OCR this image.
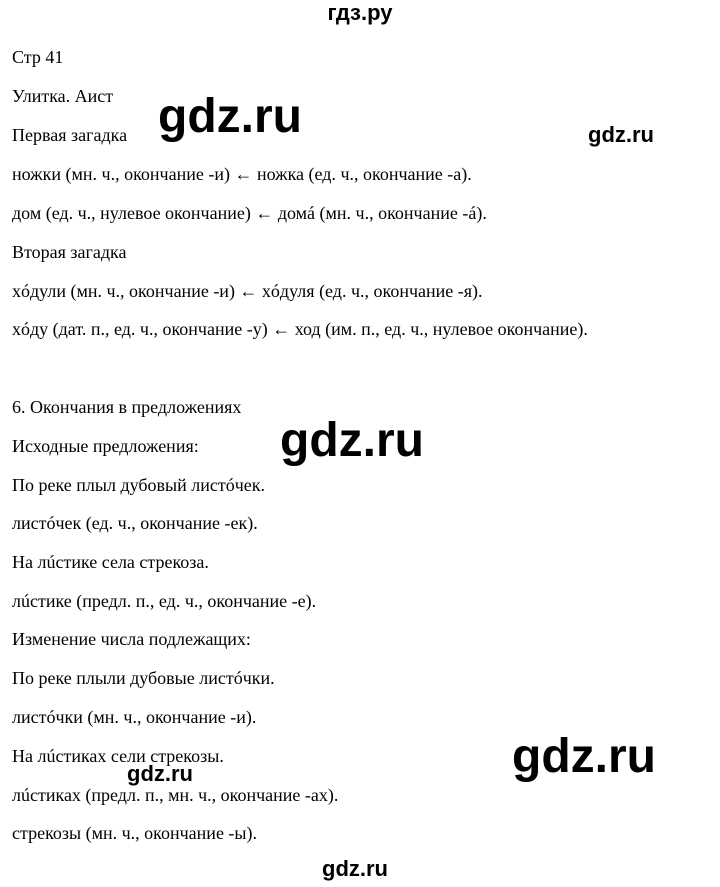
гдз.ру
Стр 41
Улитка. Аист
Первая загадка
ножки (мн. ч., окончание -и) ← ножка (ед. ч., окончание -а).
дом (ед. ч., нулевое окончание) ← домá (мн. ч., окончание -á).
Вторая загадка
хóдули (мн. ч., окончание -и) ← хóдуля (ед. ч., окончание -я).
хóду (дат. п., ед. ч., окончание -у) ← ход (им. п., ед. ч., нулевое окончание).
6. Окончания в предложениях
Исходные предложения:
По реке плыл дубовый листóчек.
листóчек (ед. ч., окончание -ек).
На лúстике села стрекоза.
лúстике (предл. п., ед. ч., окончание -е).
Изменение числа подлежащих:
По реке плыли дубовые листóчки.
листóчки (мн. ч., окончание -и).
На лúстиках сели стрекозы.
лúстиках (предл. п., мн. ч., окончание -ах).
стрекозы (мн. ч., окончание -ы).
gdz.ru	gdz.ru
gdz.ru
gdz.ru
gdz.ru
gdz.ru
